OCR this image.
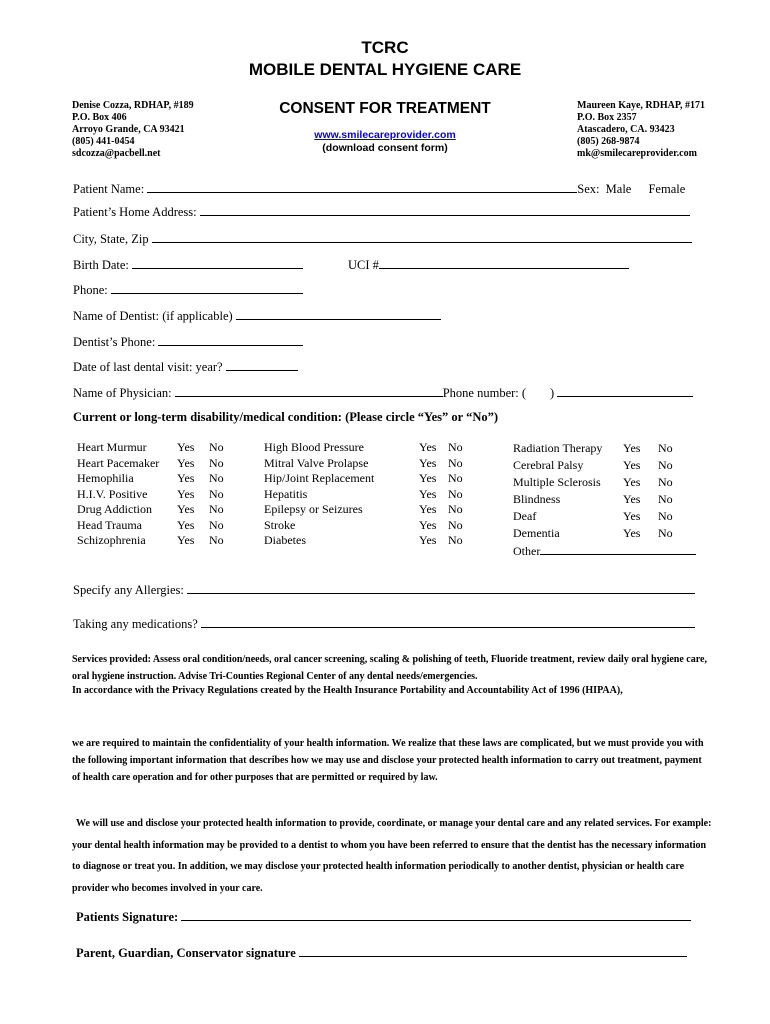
TCRC
MOBILE DENTAL HYGIENE CARE
Denise Cozza, RDHAP, #189
P.O. Box 406
Arroyo Grande, CA 93421
(805) 441-0454
sdcozza@pacbell.net
CONSENT FOR TREATMENT
www.smilecareprovider.com
(download consent form)
Maureen Kaye, RDHAP, #171
P.O. Box 2357
Atascadero, CA. 93423
(805) 268-9874
mk@smilecareprovider.com
Patient Name:	Sex: Male Female
Patient’s Home Address:
City, State, Zip
Birth Date:	UCI #
Phone:
Name of Dentist: (if applicable)
Dentist’s Phone:
Date of last dental visit: year?
Name of Physician:	Phone number: ( )
Current or long-term disability/medical condition: (Please circle “Yes” or “No”)
Heart Murmur	Yes	No
Heart Pacemaker	Yes	No
Hemophilia	Yes	No
H.I.V. Positive	Yes	No
Drug Addiction	Yes	No
Head Trauma	Yes	No
Schizophrenia	Yes	No
High Blood Pressure	Yes No
Mitral Valve Prolapse	Yes No
Hip/Joint Replacement	Yes No
Hepatitis	Yes No
Epilepsy or Seizures	Yes No
Stroke	Yes No
Diabetes	Yes No
Radiation Therapy	Yes	No
Cerebral Palsy	Yes	No
Multiple Sclerosis	Yes	No
Blindness	Yes	No
Deaf	Yes	No
Dementia	Yes	No
Other
Specify any Allergies:
Taking any medications?
Services provided: Assess oral condition/needs, oral cancer screening, scaling & polishing of teeth, Fluoride treatment, review daily oral hygiene care, oral hygiene instruction. Advise Tri-Counties Regional Center of any dental needs/emergencies.
In accordance with the Privacy Regulations created by the Health Insurance Portability and Accountability Act of 1996 (HIPAA),
we are required to maintain the confidentiality of your health information. We realize that these laws are complicated, but we must provide you with the following important information that describes how we may use and disclose your protected health information to carry out treatment, payment of health care operation and for other purposes that are permitted or required by law.
We will use and disclose your protected health information to provide, coordinate, or manage your dental care and any related services. For example: your dental health information may be provided to a dentist to whom you have been referred to ensure that the dentist has the necessary information to diagnose or treat you. In addition, we may disclose your protected health information periodically to another dentist, physician or health care provider who becomes involved in your care.
Patients Signature:
Parent, Guardian, Conservator signature
